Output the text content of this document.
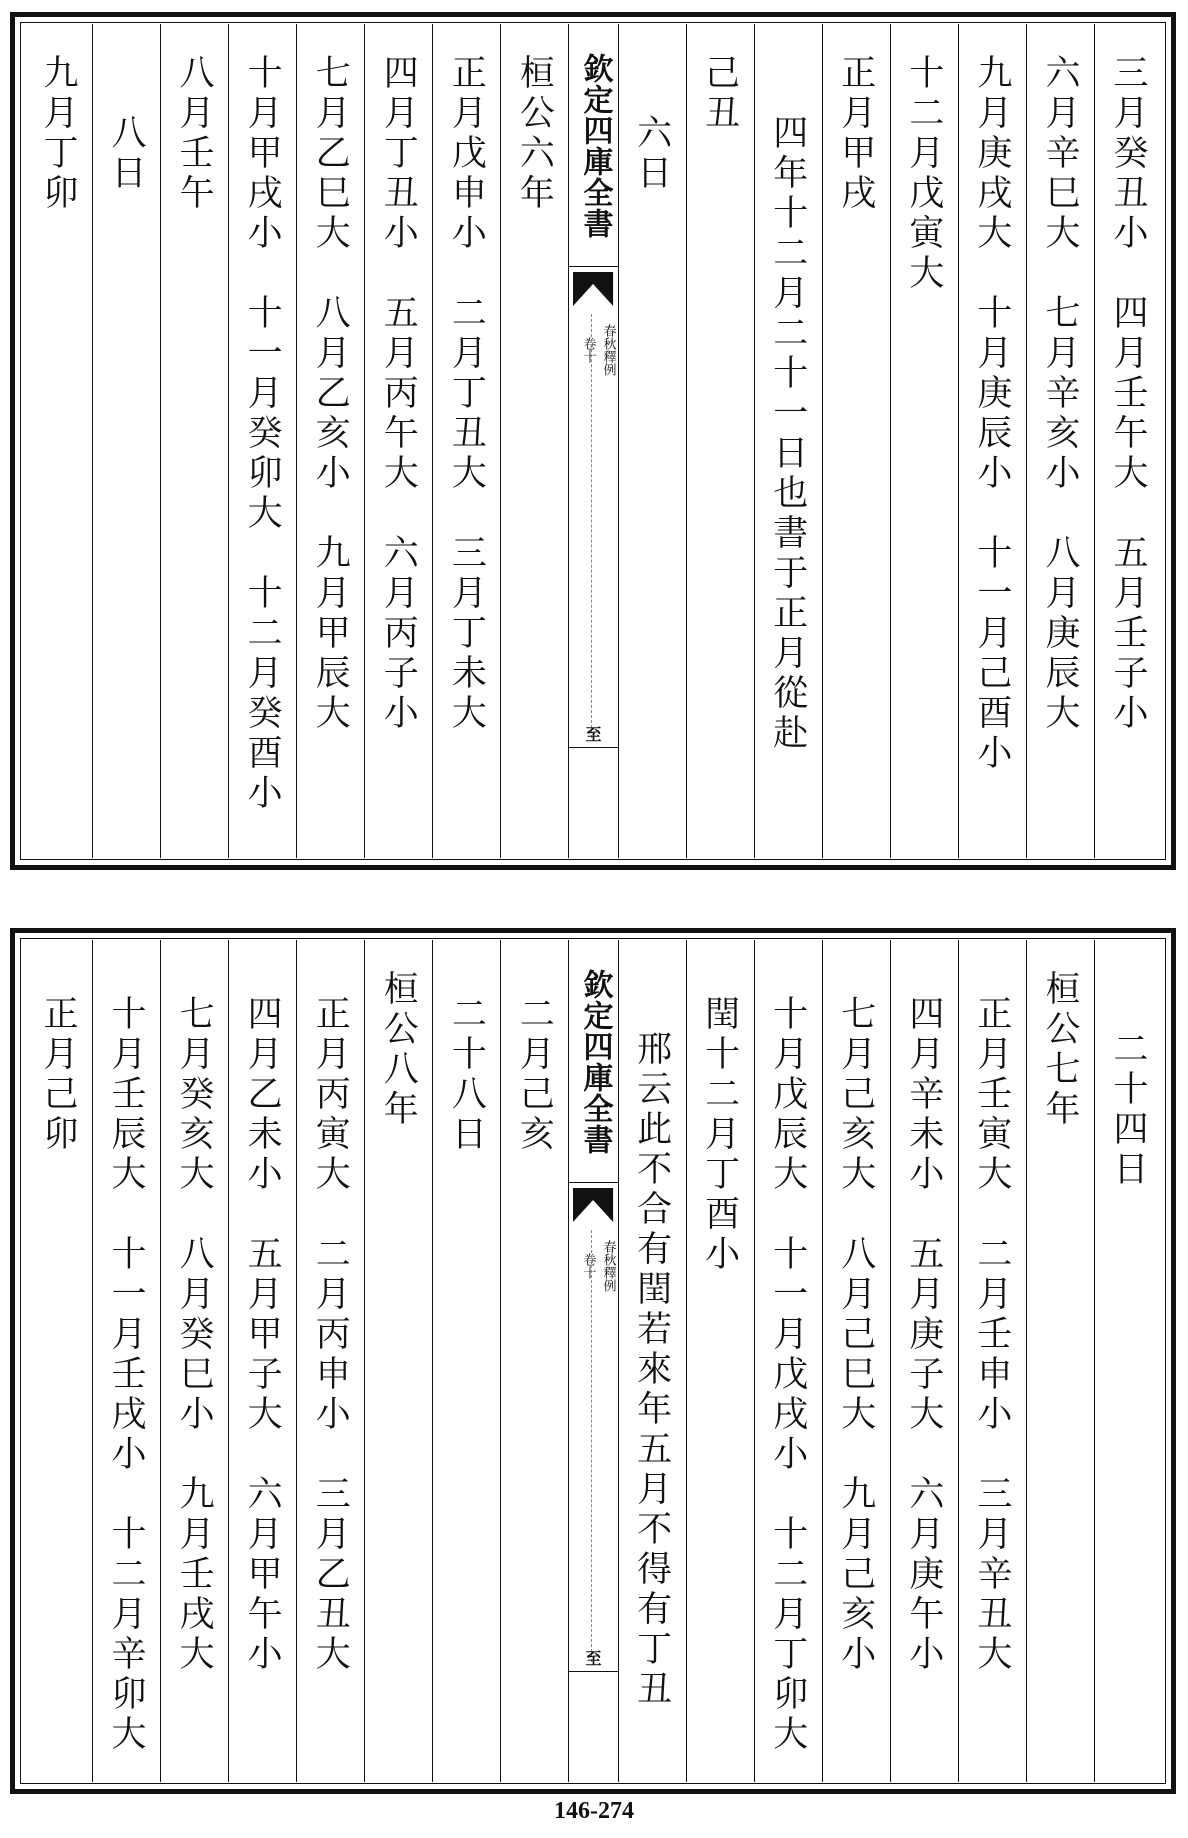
三月癸丑小　四月壬午大　五月壬子小
六月辛巳大　七月辛亥小　八月庚辰大
九月庚戌大　十月庚辰小　十一月己酉小
十二月戊寅大
正月甲戌
四年十二月二十一日也書于正月從赴
己丑
六日
欽定四庫全書
春秋釋例
卷十
至
桓公六年
正月戊申小　二月丁丑大　三月丁未大
四月丁丑小　五月丙午大　六月丙子小
七月乙巳大　八月乙亥小　九月甲辰大
十月甲戌小　十一月癸卯大　十二月癸酉小
八月壬午
八日
九月丁卯
二十四日
桓公七年
正月壬寅大　二月壬申小　三月辛丑大
四月辛未小　五月庚子大　六月庚午小
七月己亥大　八月己巳大　九月己亥小
十月戊辰大　十一月戊戌小　十二月丁卯大
閏十二月丁酉小
邢云此不合有閏若來年五月不得有丁丑
欽定四庫全書
春秋釋例
卷十
至
二月己亥
二十八日
桓公八年
正月丙寅大　二月丙申小　三月乙丑大
四月乙未小　五月甲子大　六月甲午小
七月癸亥大　八月癸巳小　九月壬戌大
十月壬辰大　十一月壬戌小　十二月辛卯大
正月己卯
146-274
